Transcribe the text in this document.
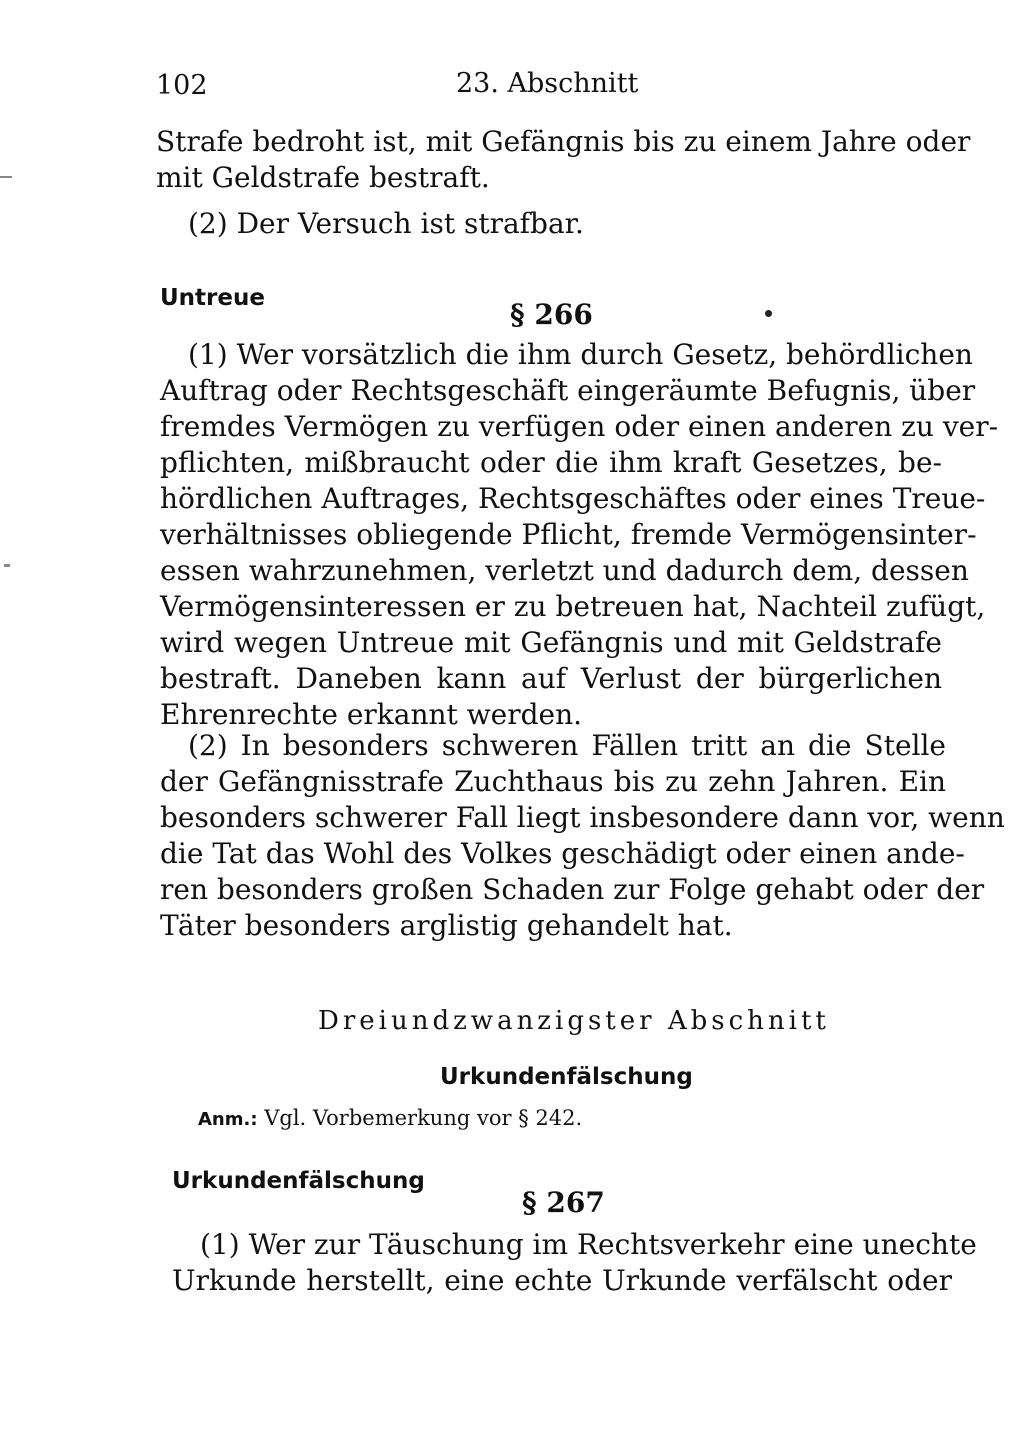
102	23. Abschnitt
Strafe bedroht ist, mit Gefängnis bis zu einem Jahre oder
mit Geldstrafe bestraft.
(2) Der Versuch ist strafbar.
Untreue	§ 266
(1) Wer vorsätzlich die ihm durch Gesetz, behördlichen
Auftrag oder Rechtsgeschäft eingeräumte Befugnis, über
fremdes Vermögen zu verfügen oder einen anderen zu ver-
pflichten, mißbraucht oder die ihm kraft Gesetzes, be-
hördlichen Auftrages, Rechtsgeschäftes oder eines Treue-
verhältnisses obliegende Pflicht, fremde Vermögensinter-
essen wahrzunehmen, verletzt und dadurch dem, dessen
Vermögensinteressen er zu betreuen hat, Nachteil zufügt,
wird wegen Untreue mit Gefängnis und mit Geldstrafe
bestraft. Daneben kann auf Verlust der bürgerlichen
Ehrenrechte erkannt werden.
(2) In besonders schweren Fällen tritt an die Stelle
der Gefängnisstrafe Zuchthaus bis zu zehn Jahren. Ein
besonders schwerer Fall liegt insbesondere dann vor, wenn
die Tat das Wohl des Volkes geschädigt oder einen ande-
ren besonders großen Schaden zur Folge gehabt oder der
Täter besonders arglistig gehandelt hat.
Dreiundzwanzigster Abschnitt
Urkundenfälschung
Anm.: Vgl. Vorbemerkung vor § 242.
Urkundenfälschung
§ 267
(1) Wer zur Täuschung im Rechtsverkehr eine unechte
Urkunde herstellt, eine echte Urkunde verfälscht oder
